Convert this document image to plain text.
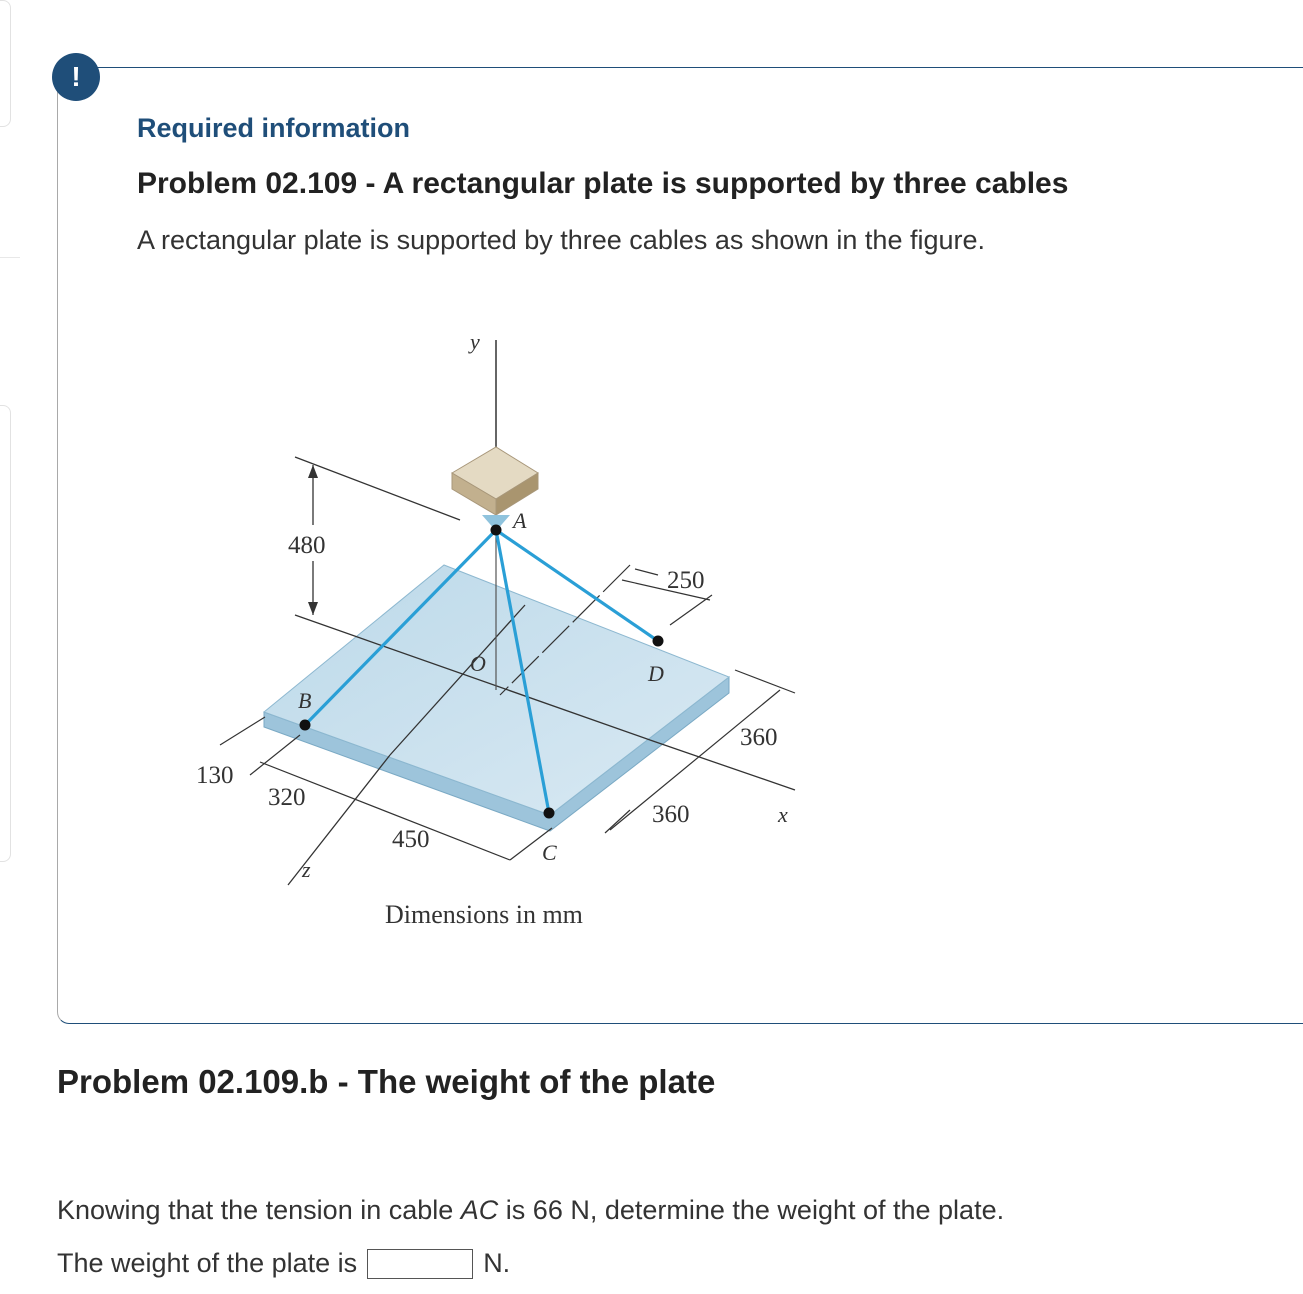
!
Required information
Problem 02.109 - A rectangular plate is supported by three cables

A rectangular plate is supported by three cables as shown in the figure.

y
A
480
250
O	D
B
360
130
320
360	x
450	C
z
Dimensions in mm
Problem 02.109.b - The weight of the plate

Knowing that the tension in cable AC is 66 N, determine the weight of the plate.

The weight of the plate is	N.
